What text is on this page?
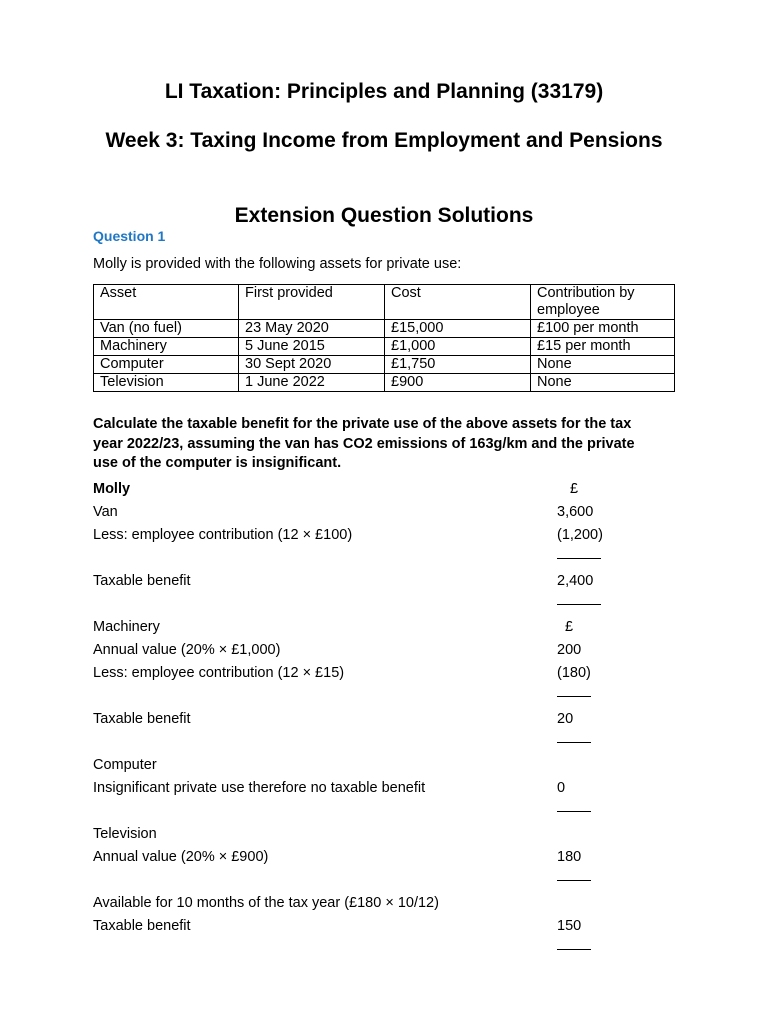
LI Taxation: Principles and Planning (33179)
Week 3: Taxing Income from Employment and Pensions
Extension Question Solutions
Question 1
Molly is provided with the following assets for private use:
Asset	First provided	Cost	Contribution by employee
Van (no fuel)	23 May 2020	£15,000	£100 per month
Machinery	5 June 2015	£1,000	£15 per month
Computer	30 Sept 2020	£1,750	None
Television	1 June 2022	£900	None
Calculate the taxable benefit for the private use of the above assets for the tax year 2022/23, assuming the van has CO2 emissions of 163g/km and the private use of the computer is insignificant.
Molly	£
Van	3,600
Less: employee contribution (12 × £100)	(1,200)
Taxable benefit	2,400
Machinery	£
Annual value (20% × £1,000)	200
Less: employee contribution (12 × £15)	(180)
Taxable benefit	20
Computer
Insignificant private use therefore no taxable benefit	0
Television
Annual value (20% × £900)	180
Available for 10 months of the tax year (£180 × 10/12)
Taxable benefit	150
